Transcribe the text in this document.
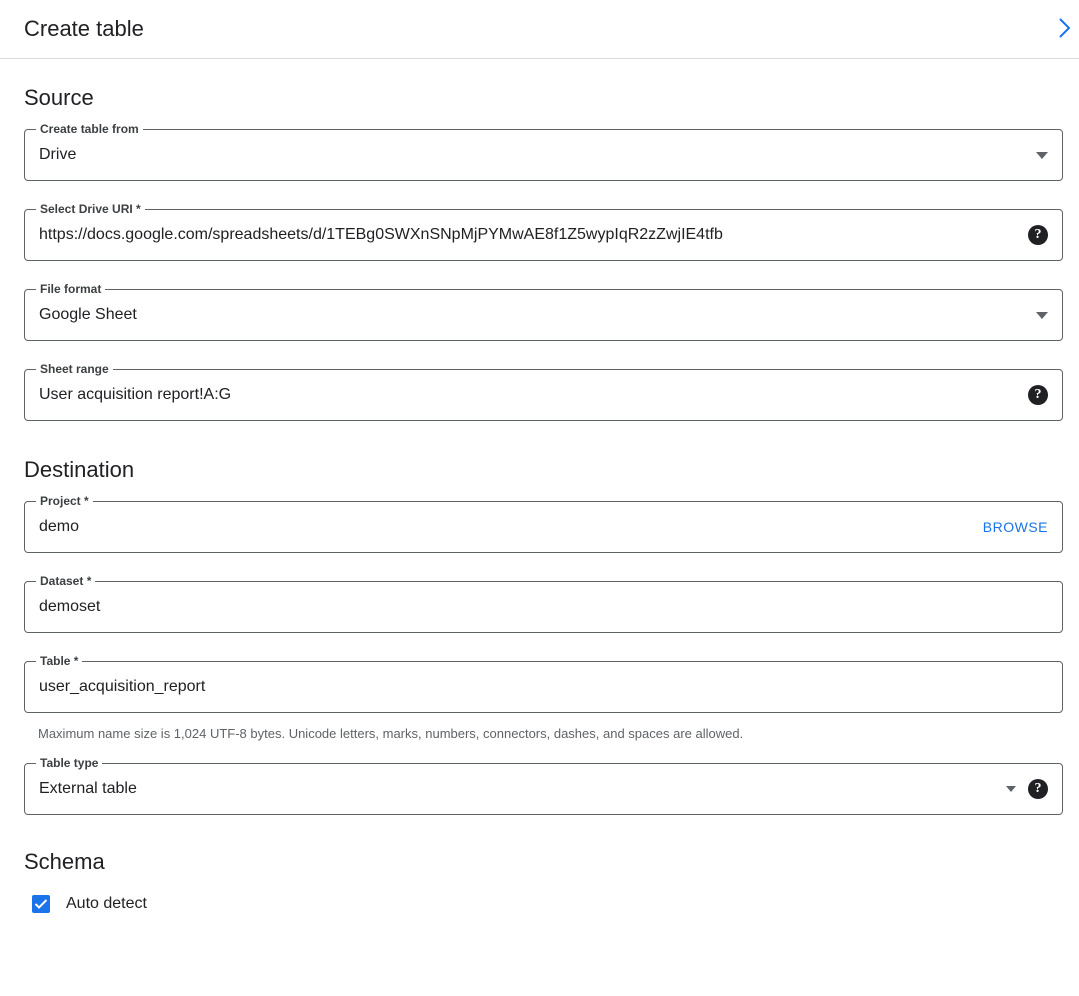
Create table
Source
Create table from
Drive
Select Drive URI *
https://docs.google.com/spreadsheets/d/1TEBg0SWXnSNpMjPYMwAE8f1Z5wypIqR2zZwjIE4tfb	?
File format
Google Sheet
Sheet range
User acquisition report!A:G	?
Destination
Project *
demo	BROWSE
Dataset *
demoset
Table *
user_acquisition_report
Maximum name size is 1,024 UTF-8 bytes. Unicode letters, marks, numbers, connectors, dashes, and spaces are allowed.
Table type
External table	?
Schema
Auto detect
